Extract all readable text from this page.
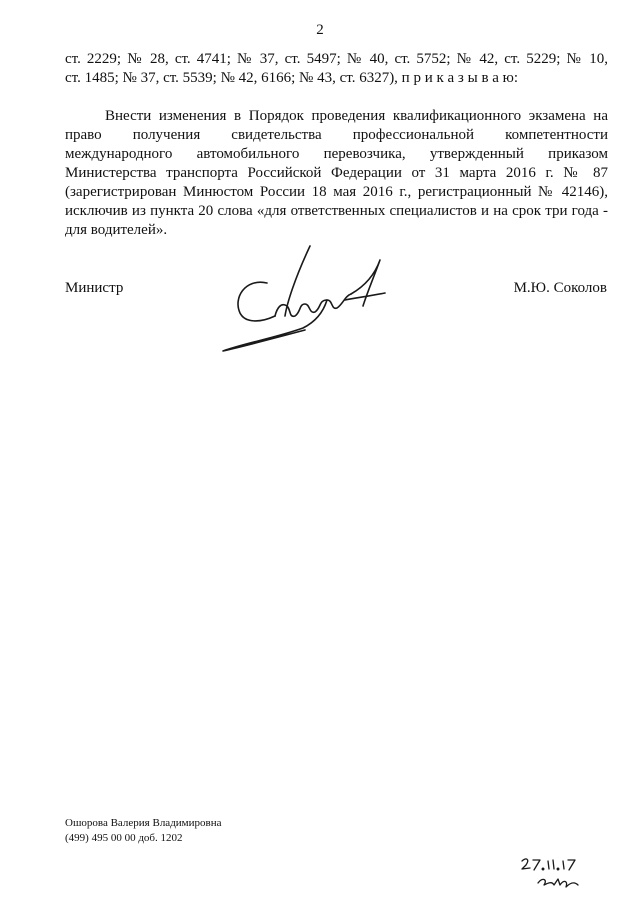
2
ст. 2229; № 28, ст. 4741; № 37, ст. 5497; № 40, ст. 5752; № 42, ст. 5229; № 10,
ст. 1485; № 37, ст. 5539; № 42, 6166; № 43, ст. 6327), п р и к а з ы в а ю:
Внести изменения в Порядок проведения квалификационного экзамена на
право получения свидетельства профессиональной компетентности
международного автомобильного перевозчика, утвержденный приказом
Министерства транспорта Российской Федерации от 31 марта 2016 г. № 87
(зарегистрирован Минюстом России 18 мая 2016 г., регистрационный № 42146),
исключив из пункта 20 слова «для ответственных специалистов и на срок три года -
для водителей».
Министр	М.Ю. Соколов
Ошорова Валерия Владимировна
(499) 495 00 00 доб. 1202
